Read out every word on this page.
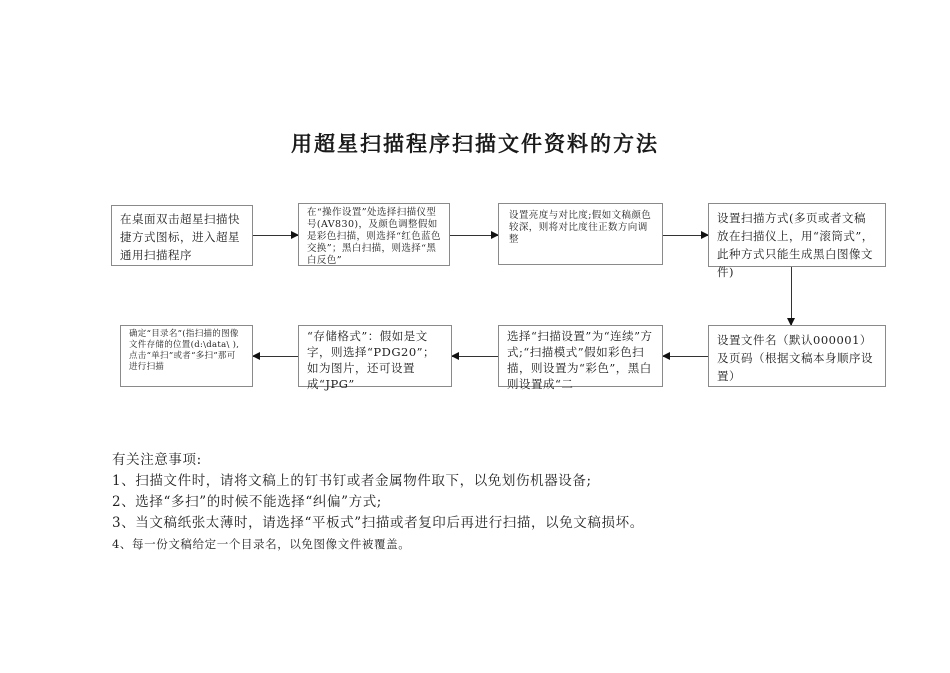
用超星扫描程序扫描文件资料的方法
在桌面双击超星扫描快捷方式图标，进入超星通用扫描程序
在“操作设置”处选择扫描仪型号(AV830)，及颜色调整假如是彩色扫描，则选择“红色蓝色交换”；黑白扫描，则选择“黑白反色”
设置亮度与对比度;假如文稿颜色较深，则将对比度往正数方向调整
设置扫描方式(多页或者文稿放在扫描仪上，用“滚筒式”，此种方式只能生成黑白图像文件)
设置文件名（默认000001）及页码（根据文稿本身顺序设置）
选择“扫描设置”为“连续”方式;“扫描模式”假如彩色扫描，则设置为“彩色”，黑白则设置成“二
“存储格式”：假如是文字，则选择“PDG20”；如为图片，还可设置成“JPG”
确定“目录名”(指扫描的图像文件存储的位置(d:\data\ ),点击“单扫”或者“多扫”那可进行扫描
有关注意事项:
1、扫描文件时，请将文稿上的钉书钉或者金属物件取下，以免划伤机器设备;
2、选择“多扫”的时候不能选择“纠偏”方式;
3、当文稿纸张太薄时，请选择“平板式”扫描或者复印后再进行扫描，以免文稿损坏。
4、每一份文稿给定一个目录名，以免图像文件被覆盖。
